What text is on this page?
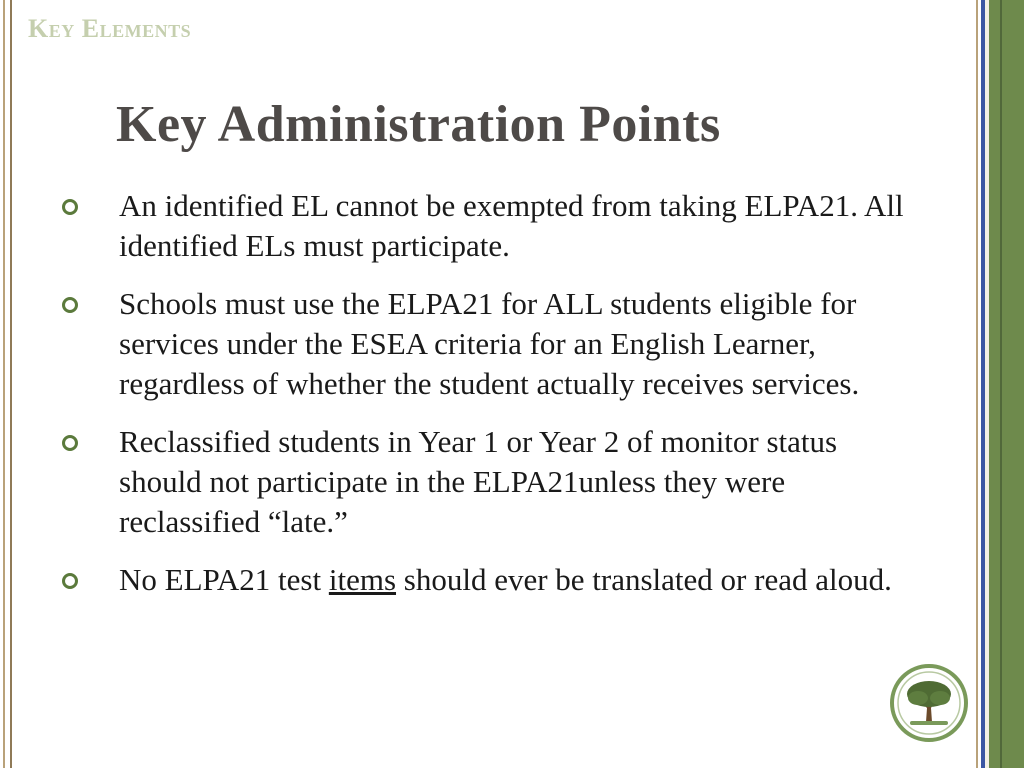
Key Elements
Key Administration Points
An identified EL cannot be exempted from taking ELPA21. All identified ELs must participate.
Schools must use the ELPA21 for ALL students eligible for services under the ESEA criteria for an English Learner, regardless of whether the student actually receives services.
Reclassified students in Year 1 or Year 2 of monitor status should not participate in the ELPA21unless they were reclassified “late.”
No ELPA21 test items should ever be translated or read aloud.
